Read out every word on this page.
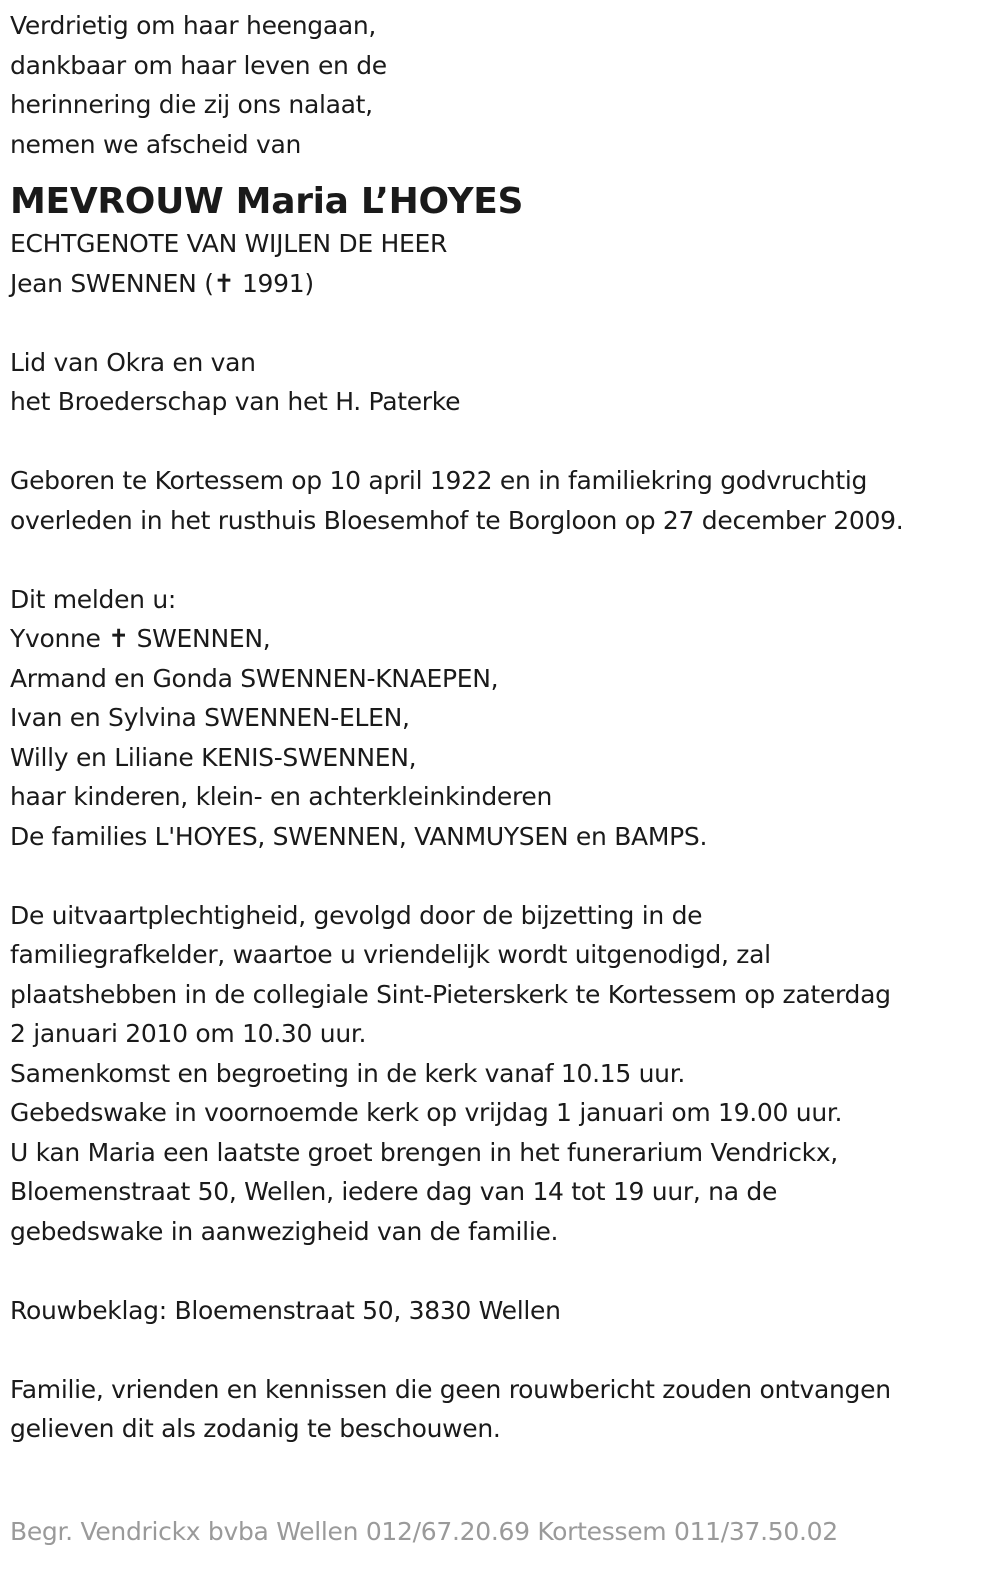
Verdrietig om haar heengaan,
dankbaar om haar leven en de
herinnering die zij ons nalaat,
nemen we afscheid van
MEVROUW Maria L’HOYES
ECHTGENOTE VAN WIJLEN DE HEER
Jean SWENNEN (✝ 1991)
Lid van Okra en van
het Broederschap van het H. Paterke
Geboren te Kortessem op 10 april 1922 en in familiekring godvruchtig
overleden in het rusthuis Bloesemhof te Borgloon op 27 december 2009.
Dit melden u:
Yvonne ✝ SWENNEN,
Armand en Gonda SWENNEN-KNAEPEN,
Ivan en Sylvina SWENNEN-ELEN,
Willy en Liliane KENIS-SWENNEN,
haar kinderen, klein- en achterkleinkinderen
De families L'HOYES, SWENNEN, VANMUYSEN en BAMPS.
De uitvaartplechtigheid, gevolgd door de bijzetting in de
familiegrafkelder, waartoe u vriendelijk wordt uitgenodigd, zal
plaatshebben in de collegiale Sint-Pieterskerk te Kortessem op zaterdag
2 januari 2010 om 10.30 uur.
Samenkomst en begroeting in de kerk vanaf 10.15 uur.
Gebedswake in voornoemde kerk op vrijdag 1 januari om 19.00 uur.
U kan Maria een laatste groet brengen in het funerarium Vendrickx,
Bloemenstraat 50, Wellen, iedere dag van 14 tot 19 uur, na de
gebedswake in aanwezigheid van de familie.
Rouwbeklag: Bloemenstraat 50, 3830 Wellen
Familie, vrienden en kennissen die geen rouwbericht zouden ontvangen
gelieven dit als zodanig te beschouwen.
Begr. Vendrickx bvba Wellen 012/67.20.69 Kortessem 011/37.50.02
